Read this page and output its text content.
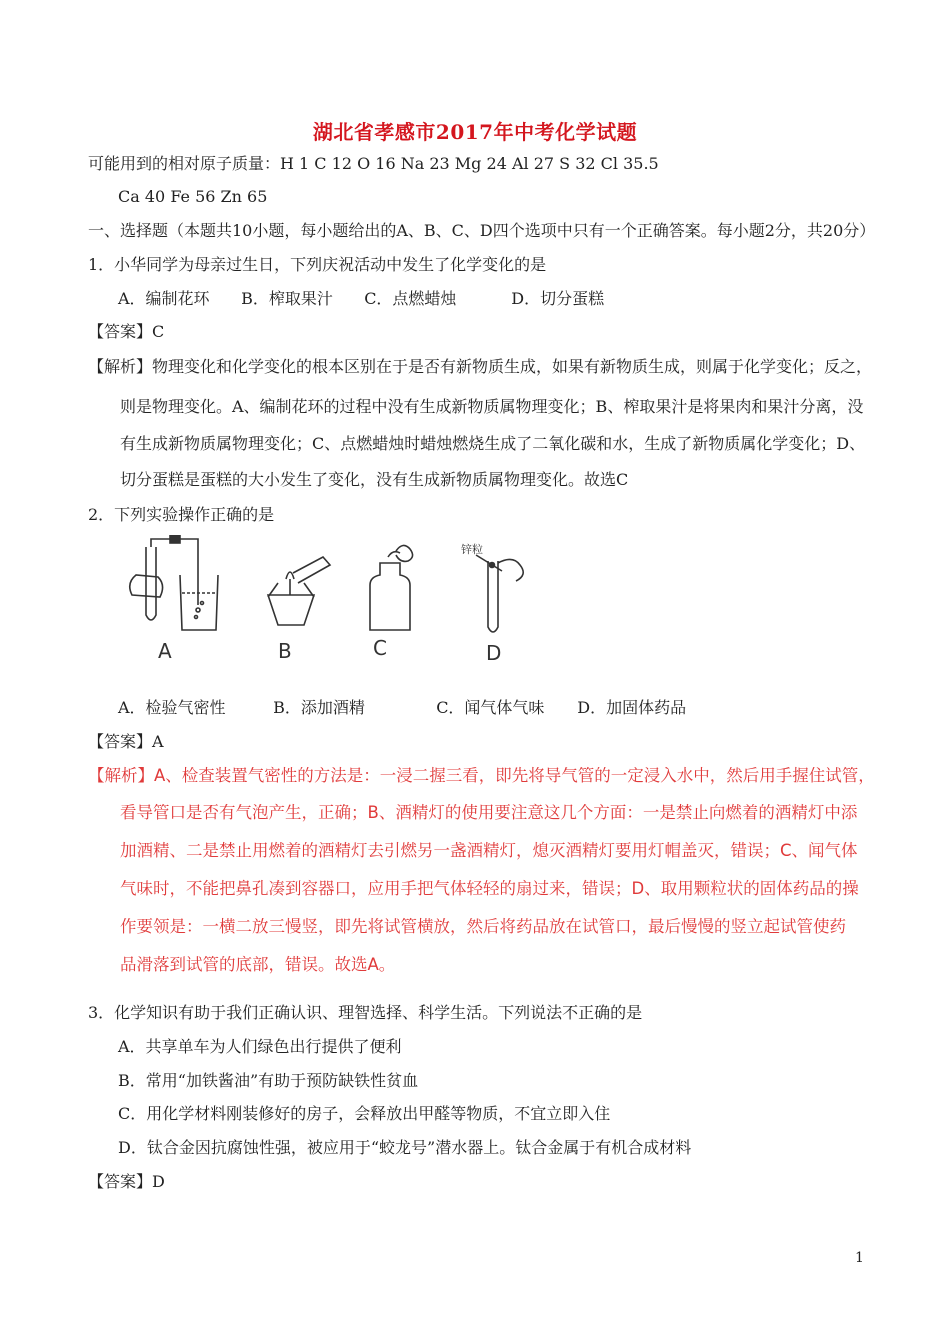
湖北省孝感市2017年中考化学试题
可能用到的相对原子质量：H 1 C 12 O 16 Na 23 Mg 24 Al 27 S 32 Cl 35.5
Ca 40 Fe 56 Zn 65
一、选择题（本题共10小题，每小题给出的A、B、C、D四个选项中只有一个正确答案。每小题2分，共20分）
1．小华同学为母亲过生日，下列庆祝活动中发生了化学变化的是
A．编制花环 B．榨取果汁 C．点燃蜡烛	D．切分蛋糕
【答案】C
【解析】物理变化和化学变化的根本区别在于是否有新物质生成，如果有新物质生成，则属于化学变化；反之，
则是物理变化。A、编制花环的过程中没有生成新物质属物理变化；B、榨取果汁是将果肉和果汁分离，没
有生成新物质属物理变化；C、点燃蜡烛时蜡烛燃烧生成了二氧化碳和水，生成了新物质属化学变化；D、
切分蛋糕是蛋糕的大小发生了变化，没有生成新物质属物理变化。故选C
2．下列实验操作正确的是
锌粒
A	B	C	D
A．检验气密性	B．添加酒精	C．闻气体气味 D．加固体药品
【答案】A
【解析】A、检查装置气密性的方法是：一浸二握三看，即先将导气管的一定浸入水中，然后用手握住试管，
看导管口是否有气泡产生，正确；B、酒精灯的使用要注意这几个方面：一是禁止向燃着的酒精灯中添
加酒精、二是禁止用燃着的酒精灯去引燃另一盏酒精灯，熄灭酒精灯要用灯帽盖灭，错误；C、闻气体
气味时，不能把鼻孔凑到容器口，应用手把气体轻轻的扇过来，错误；D、取用颗粒状的固体药品的操
作要领是：一横二放三慢竖，即先将试管横放，然后将药品放在试管口，最后慢慢的竖立起试管使药
品滑落到试管的底部，错误。故选A。
3．化学知识有助于我们正确认识、理智选择、科学生活。下列说法不正确的是
A．共享单车为人们绿色出行提供了便利
B．常用“加铁酱油”有助于预防缺铁性贫血
C．用化学材料刚装修好的房子，会释放出甲醛等物质，不宜立即入住
D．钛合金因抗腐蚀性强，被应用于“蛟龙号”潜水器上。钛合金属于有机合成材料
【答案】D
1
